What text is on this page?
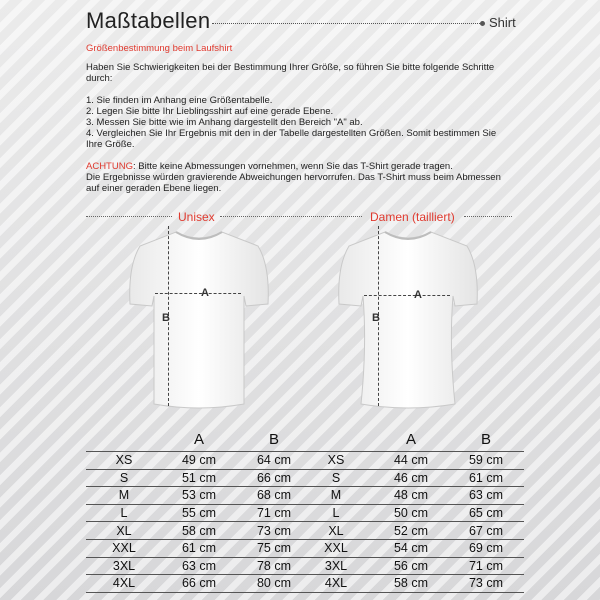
Maßtabellen	Shirt
Größenbestimmung beim Laufshirt

Haben Sie Schwierigkeiten bei der Bestimmung Ihrer Größe, so führen Sie bitte folgende Schritte durch:

1. Sie finden im Anhang eine Größentabelle.

2. Legen Sie bitte Ihr Lieblingsshirt auf eine gerade Ebene.

3. Messen Sie bitte wie im Anhang dargestellt den Bereich "A" ab.

4. Vergleichen Sie Ihr Ergebnis mit den in der Tabelle dargestellten Größen. Somit bestimmen Sie Ihre Größe.

ACHTUNG: Bitte keine Abmessungen vornehmen, wenn Sie das T-Shirt gerade tragen.

Die Ergebnisse würden gravierende Abweichungen hervorrufen. Das T-Shirt muss beim Abmessen auf einer geraden Ebene liegen.

Unisex	Damen (tailliert)
A
B
A
B
	A	B
XS	49 cm	64 cm
S	51 cm	66 cm
M	53 cm	68 cm
L	55 cm	71 cm
XL	58 cm	73 cm
XXL	61 cm	75 cm
3XL	63 cm	78 cm
4XL	66 cm	80 cm
	A	B
XS	44 cm	59 cm
S	46 cm	61 cm
M	48 cm	63 cm
L	50 cm	65 cm
XL	52 cm	67 cm
XXL	54 cm	69 cm
3XL	56 cm	71 cm
4XL	58 cm	73 cm
